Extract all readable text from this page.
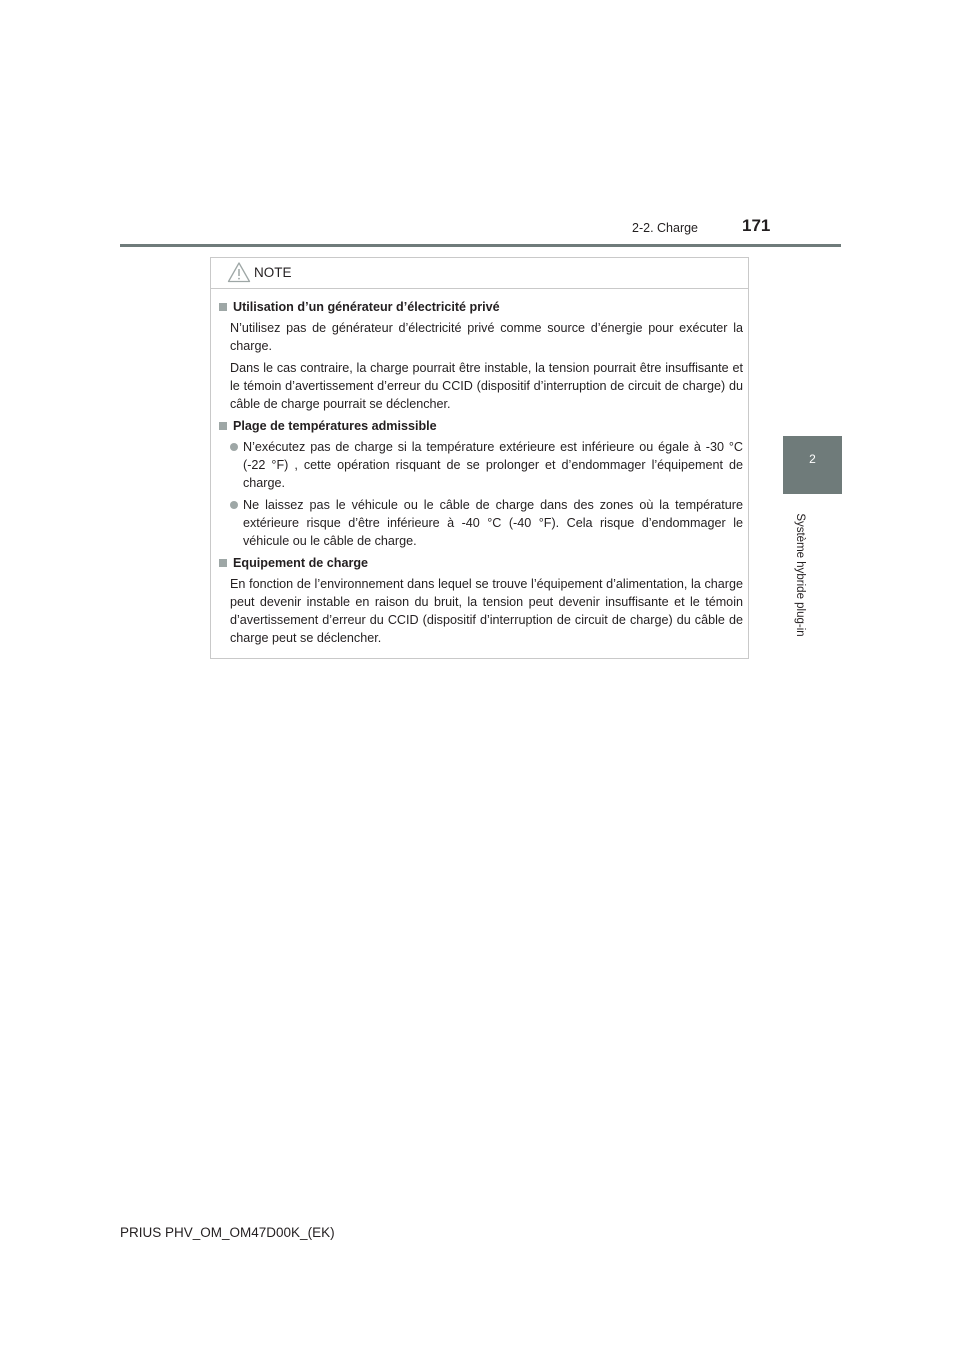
2-2. Charge	171
2
Système hybride plug-in
NOTE
Utilisation d’un générateur d’électricité privé
N’utilisez pas de générateur d’électricité privé comme source d’énergie pour exécuter la charge.
Dans le cas contraire, la charge pourrait être instable, la tension pourrait être insuffisante et le témoin d’avertissement d’erreur du CCID (dispositif d’interruption de circuit de charge) du câble de charge pourrait se déclencher.
Plage de températures admissible
N’exécutez pas de charge si la température extérieure est inférieure ou égale à -30 °C (-22 °F) , cette opération risquant de se prolonger et d’endommager l’équipement de charge.
Ne laissez pas le véhicule ou le câble de charge dans des zones où la température extérieure risque d’être inférieure à -40 °C (-40 °F). Cela risque d’endommager le véhicule ou le câble de charge.
Equipement de charge
En fonction de l’environnement dans lequel se trouve l’équipement d’alimentation, la charge peut devenir instable en raison du bruit, la tension peut devenir insuffisante et le témoin d’avertissement d’erreur du CCID (dispositif d’interruption de circuit de charge) du câble de charge peut se déclencher.
PRIUS PHV_OM_OM47D00K_(EK)
